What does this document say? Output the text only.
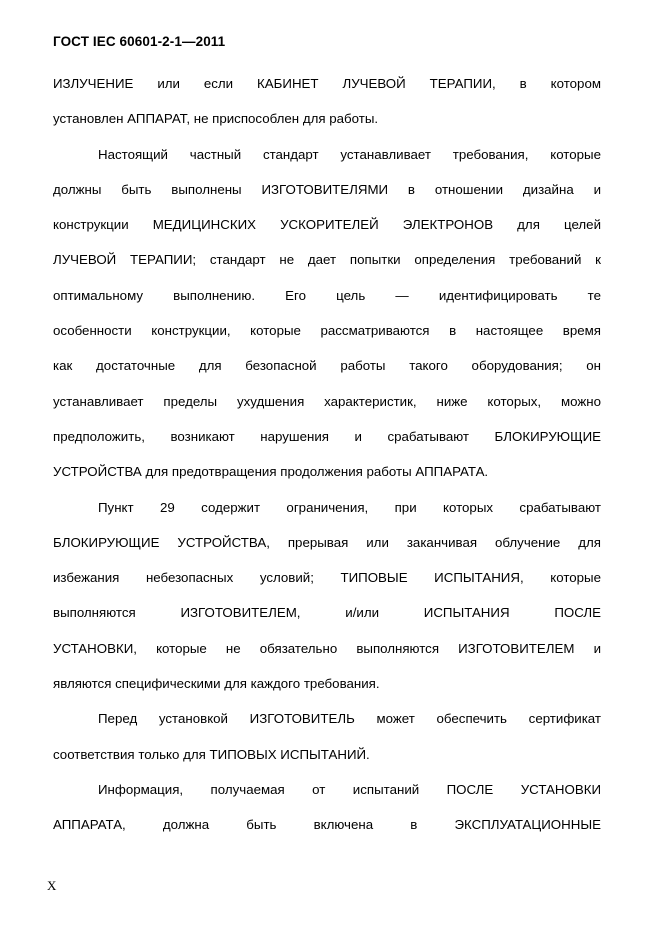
ГОСТ IEC 60601-2-1—2011
ИЗЛУЧЕНИЕ или если КАБИНЕТ ЛУЧЕВОЙ ТЕРАПИИ, в котором
установлен АППАРАТ, не приспособлен для работы.
Настоящий частный стандарт устанавливает требования, которые
должны быть выполнены ИЗГОТОВИТЕЛЯМИ в отношении дизайна и
конструкции МЕДИЦИНСКИХ УСКОРИТЕЛЕЙ ЭЛЕКТРОНОВ для целей
ЛУЧЕВОЙ ТЕРАПИИ; стандарт не дает попытки определения требований к
оптимальному выполнению. Его цель — идентифицировать те
особенности конструкции, которые рассматриваются в настоящее время
как достаточные для безопасной работы такого оборудования; он
устанавливает пределы ухудшения характеристик, ниже которых, можно
предположить, возникают нарушения и срабатывают БЛОКИРУЮЩИЕ
УСТРОЙСТВА для предотвращения продолжения работы АППАРАТА.
Пункт 29 содержит ограничения, при которых срабатывают
БЛОКИРУЮЩИЕ УСТРОЙСТВА, прерывая или заканчивая облучение для
избежания небезопасных условий; ТИПОВЫЕ ИСПЫТАНИЯ, которые
выполняются ИЗГОТОВИТЕЛЕМ, и/или ИСПЫТАНИЯ ПОСЛЕ
УСТАНОВКИ, которые не обязательно выполняются ИЗГОТОВИТЕЛЕМ и
являются специфическими для каждого требования.
Перед установкой ИЗГОТОВИТЕЛЬ может обеспечить сертификат
соответствия только для ТИПОВЫХ ИСПЫТАНИЙ.
Информация, получаемая от испытаний ПОСЛЕ УСТАНОВКИ
АППАРАТА, должна быть включена в ЭКСПЛУАТАЦИОННЫЕ
X
